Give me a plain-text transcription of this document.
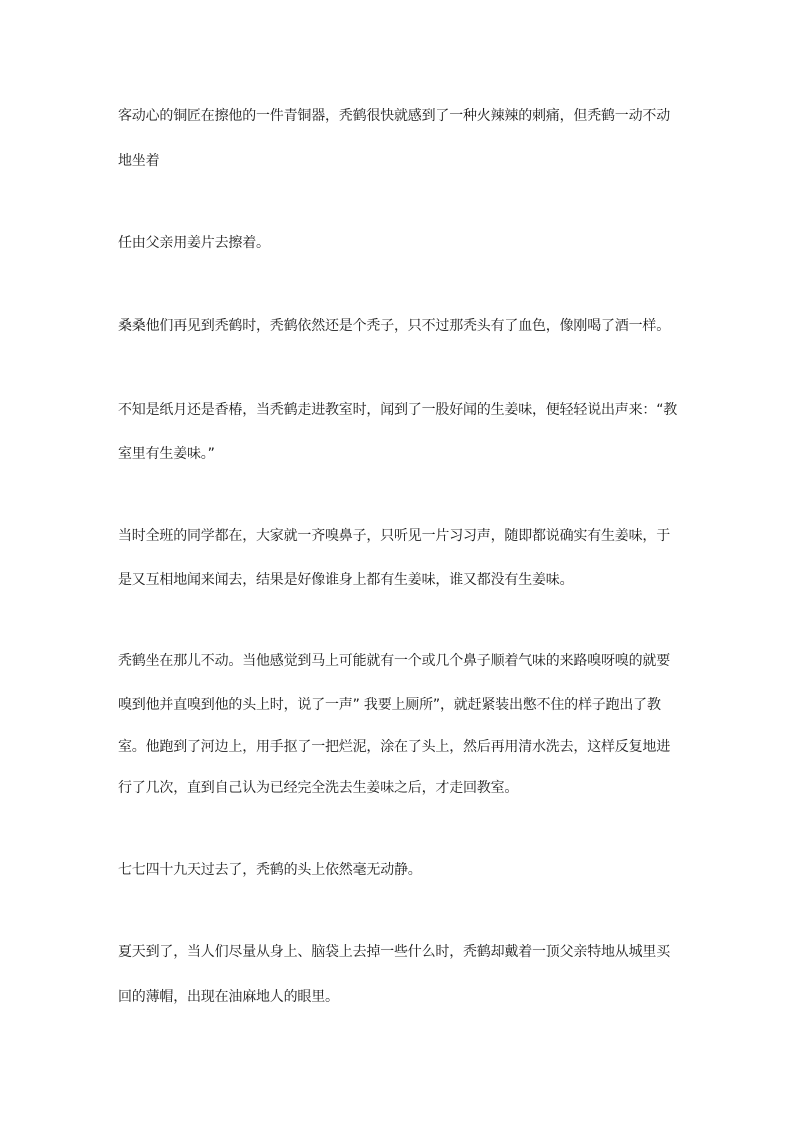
客动心的铜匠在擦他的一件青铜器，秃鹤很快就感到了一种火辣辣的刺痛，但秃鹤一动不动
地坐着
任由父亲用姜片去擦着。
桑桑他们再见到秃鹤时，秃鹤依然还是个秃子，只不过那秃头有了血色，像刚喝了酒一样。
不知是纸月还是香椿，当秃鹤走进教室时，闻到了一股好闻的生姜味，便轻轻说出声来：“教
室里有生姜味。”
当时全班的同学都在，大家就一齐嗅鼻子，只听见一片习习声，随即都说确实有生姜味，于
是又互相地闻来闻去，结果是好像谁身上都有生姜味，谁又都没有生姜味。
秃鹤坐在那儿不动。当他感觉到马上可能就有一个或几个鼻子顺着气味的来路嗅呀嗅的就要
嗅到他并直嗅到他的头上时，说了一声” 我要上厕所”，就赶紧装出憋不住的样子跑出了教
室。他跑到了河边上，用手抠了一把烂泥，涂在了头上，然后再用清水洗去，这样反复地进
行了几次，直到自己认为已经完全洗去生姜味之后，才走回教室。
七七四十九天过去了，秃鹤的头上依然毫无动静。
夏天到了，当人们尽量从身上、脑袋上去掉一些什么时，秃鹤却戴着一顶父亲特地从城里买
回的薄帽，出现在油麻地人的眼里。
